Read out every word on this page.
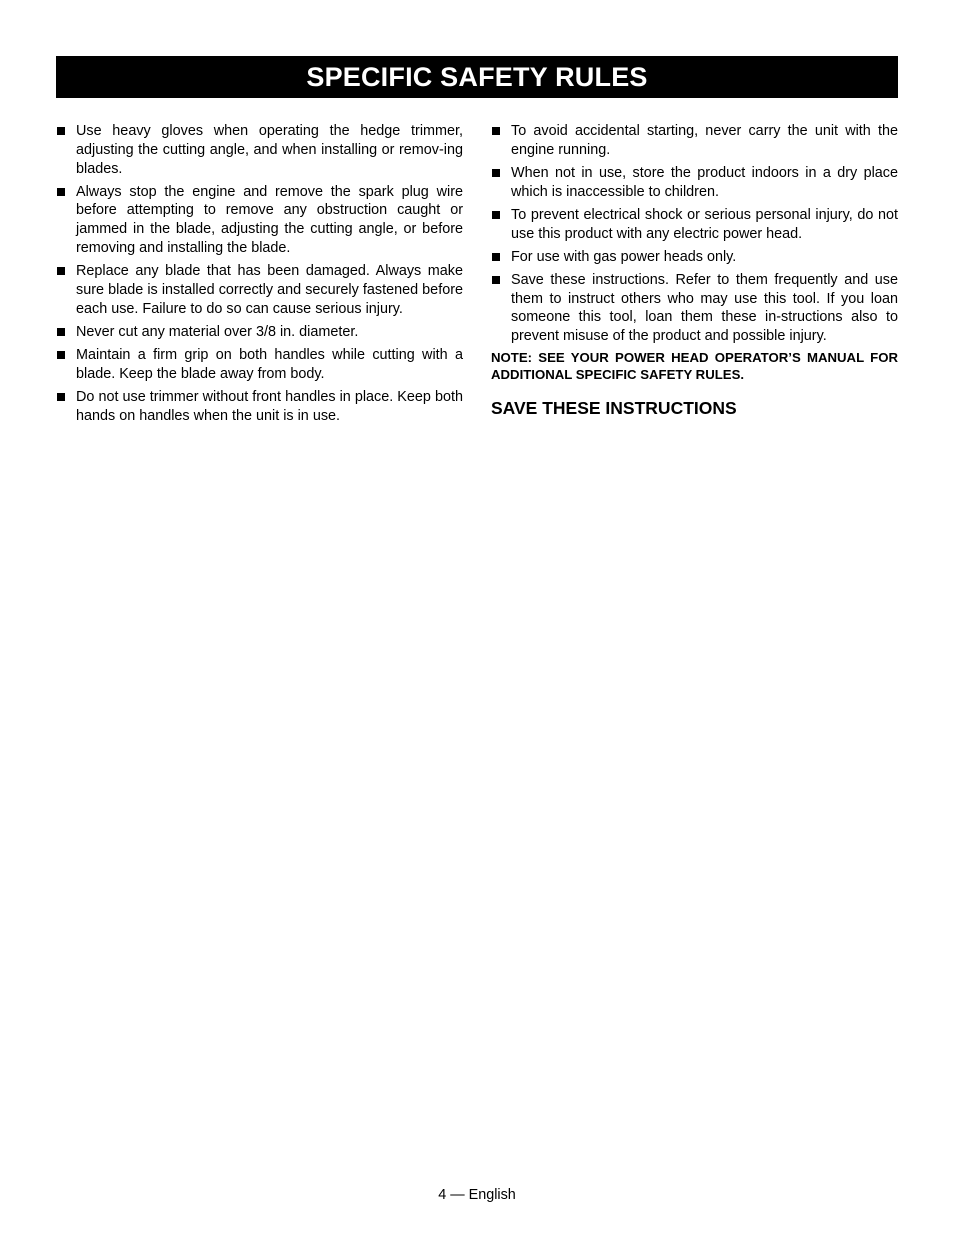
SPECIFIC SAFETY RULES
Use heavy gloves when operating the hedge trimmer, adjusting the cutting angle, and when installing or remov-ing blades.
Always stop the engine and remove the spark plug wire before attempting to remove any obstruction caught or jammed in the blade, adjusting the cutting angle, or before removing and installing the blade.
Replace any blade that has been damaged. Always make sure blade is installed correctly and securely fastened before each use. Failure to do so can cause serious injury.
Never cut any material over 3/8 in. diameter.
Maintain a firm grip on both handles while cutting with a blade. Keep the blade away from body.
Do not use trimmer without front handles in place. Keep both hands on handles when the unit is in use.
To avoid accidental starting, never carry the unit with the engine running.
When not in use, store the product indoors in a dry place which is inaccessible to children.
To prevent electrical shock or serious personal injury, do not use this product with any electric power head.
For use with gas power heads only.
Save these instructions. Refer to them frequently and use them to instruct others who may use this tool. If you loan someone this tool, loan them these in-structions also to prevent misuse of the product and possible injury.
NOTE: SEE YOUR POWER HEAD OPERATOR’S MANUAL FOR ADDITIONAL SPECIFIC SAFETY RULES.
SAVE THESE INSTRUCTIONS
4 — English
